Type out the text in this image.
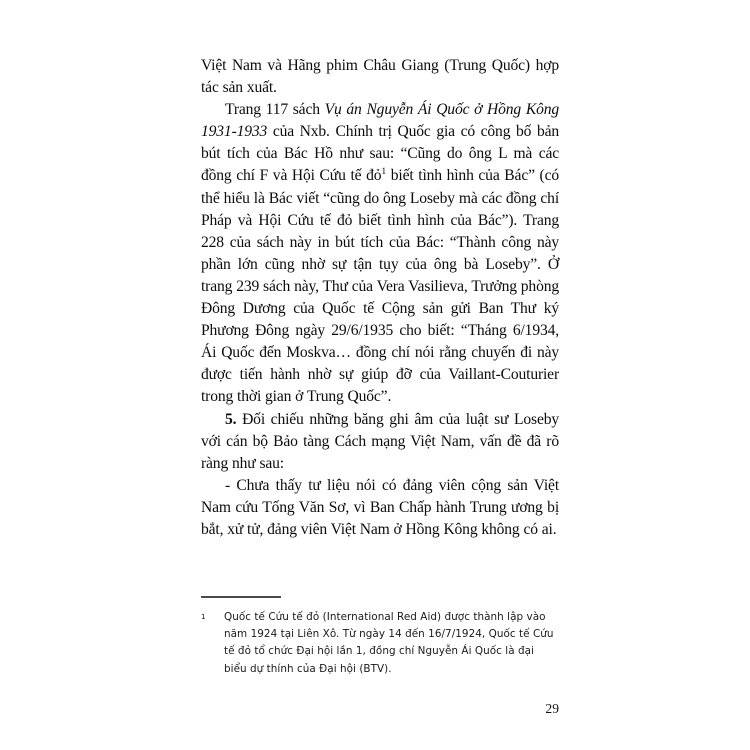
Việt Nam và Hãng phim Châu Giang (Trung Quốc) hợp tác sản xuất.

Trang 117 sách Vụ án Nguyễn Ái Quốc ở Hồng Kông 1931-1933 của Nxb. Chính trị Quốc gia có công bố bản bút tích của Bác Hồ như sau: “Cũng do ông L mà các đồng chí F và Hội Cứu tế đỏ$^1$ biết tình hình của Bác” (có thể hiểu là Bác viết “cũng do ông Loseby mà các đồng chí Pháp và Hội Cứu tế đỏ biết tình hình của Bác”). Trang 228 của sách này in bút tích của Bác: “Thành công này phần lớn cũng nhờ sự tận tụy của ông bà Loseby”. Ở trang 239 sách này, Thư của Vera Vasilieva, Trưởng phòng Đông Dương của Quốc tế Cộng sản gửi Ban Thư ký Phương Đông ngày 29/6/1935 cho biết: “Tháng 6/1934, Ái Quốc đến Moskva… đồng chí nói rằng chuyến đi này được tiến hành nhờ sự giúp đỡ của Vaillant-Couturier trong thời gian ở Trung Quốc”.

5. Đối chiếu những băng ghi âm của luật sư Loseby với cán bộ Bảo tàng Cách mạng Việt Nam, vấn đề đã rõ ràng như sau:

- Chưa thấy tư liệu nói có đảng viên cộng sản Việt Nam cứu Tống Văn Sơ, vì Ban Chấp hành Trung ương bị bắt, xử tử, đảng viên Việt Nam ở Hồng Kông không có ai.

1 Quốc tế Cứu tế đỏ (International Red Aid) được thành lập vào năm 1924 tại Liên Xô. Từ ngày 14 đến 16/7/1924, Quốc tế Cứu tế đỏ tổ chức Đại hội lần 1, đồng chí Nguyễn Ái Quốc là đại biểu dự thính của Đại hội (BTV).
29
